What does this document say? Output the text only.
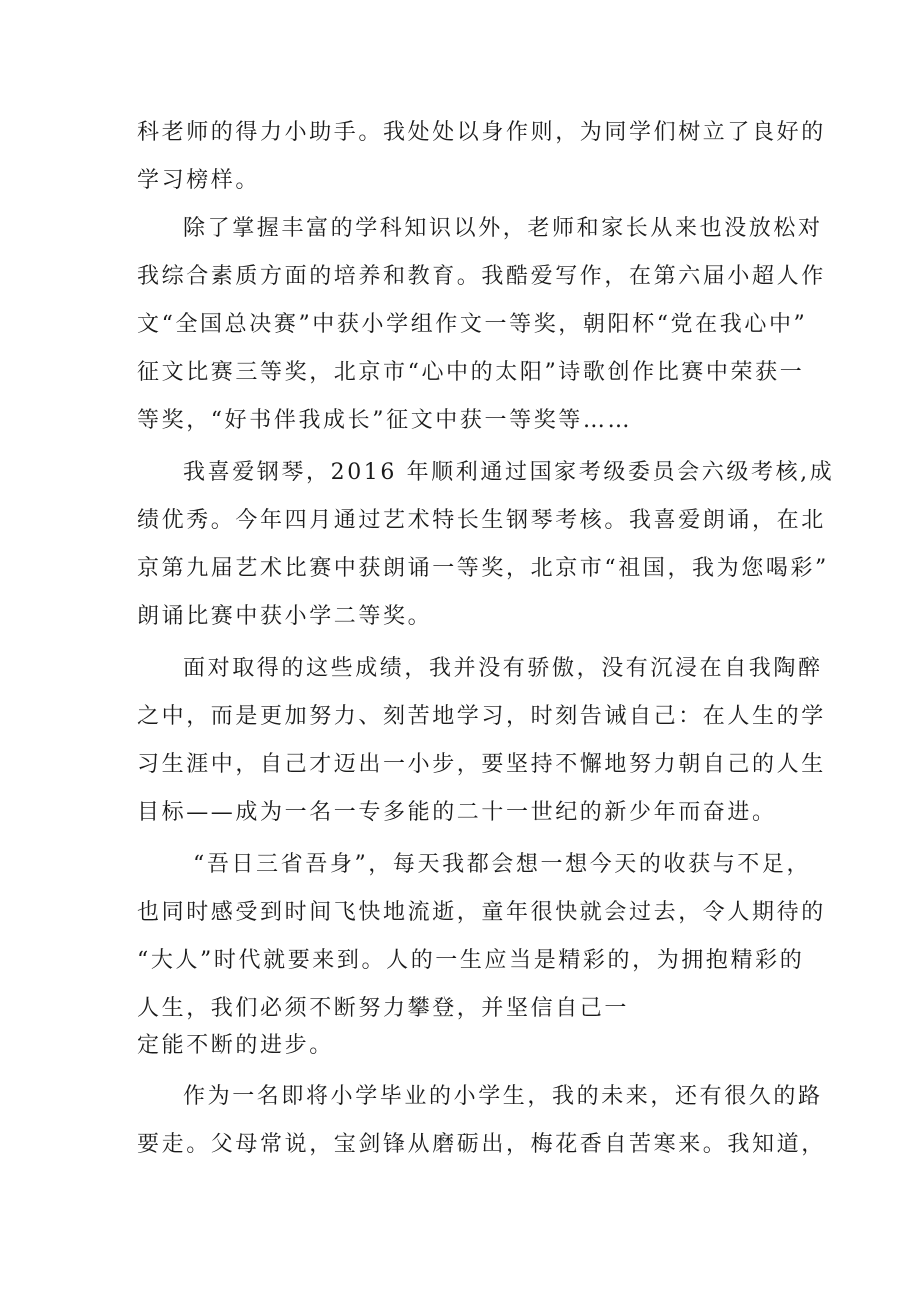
科老师的得力小助手。我处处以身作则，为同学们树立了良好的
学习榜样。
除了掌握丰富的学科知识以外，老师和家长从来也没放松对
我综合素质方面的培养和教育。我酷爱写作，在第六届小超人作
文“全国总决赛”中获小学组作文一等奖，朝阳杯“党在我心中”
征文比赛三等奖，北京市“心中的太阳”诗歌创作比赛中荣获一
等奖，“好书伴我成长”征文中获一等奖等……
我喜爱钢琴，2016 年顺利通过国家考级委员会六级考核,成
绩优秀。今年四月通过艺术特长生钢琴考核。我喜爱朗诵，在北
京第九届艺术比赛中获朗诵一等奖，北京市“祖国，我为您喝彩”
朗诵比赛中获小学二等奖。
面对取得的这些成绩，我并没有骄傲，没有沉浸在自我陶醉
之中，而是更加努力、刻苦地学习，时刻告诫自己：在人生的学
习生涯中，自己才迈出一小步，要坚持不懈地努力朝自己的人生
目标——成为一名一专多能的二十一世纪的新少年而奋进。
“吾日三省吾身”，每天我都会想一想今天的收获与不足，
也同时感受到时间飞快地流逝，童年很快就会过去，令人期待的
“大人”时代就要来到。人的一生应当是精彩的，为拥抱精彩的
人生，我们必须不断努力攀登，并坚信自己一
定能不断的进步。
作为一名即将小学毕业的小学生，我的未来，还有很久的路
要走。父母常说，宝剑锋从磨砺出，梅花香自苦寒来。我知道，
